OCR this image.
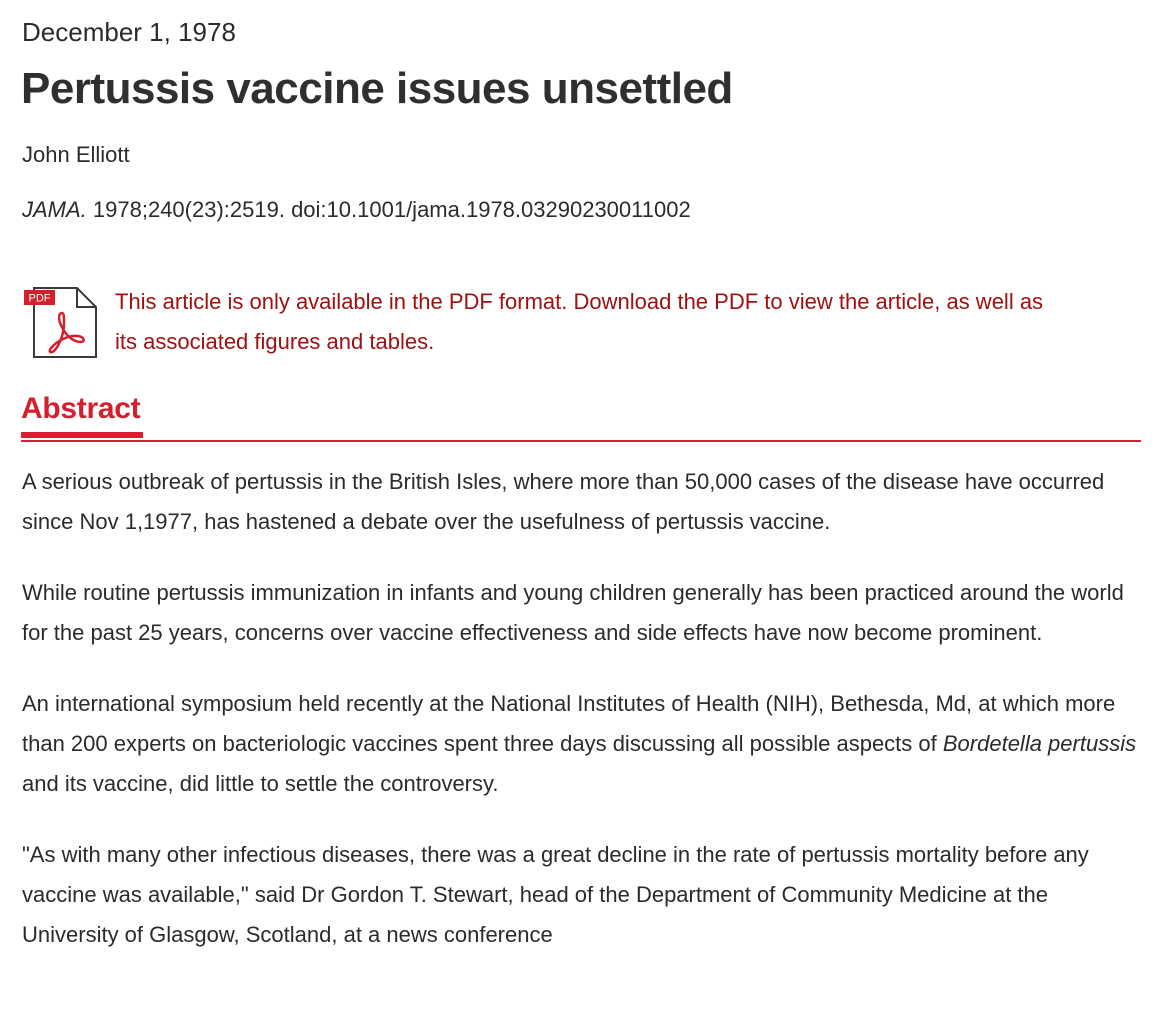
December 1, 1978
Pertussis vaccine issues unsettled
John Elliott
JAMA. 1978;240(23):2519. doi:10.1001/jama.1978.03290230011002
PDF	This article is only available in the PDF format. Download the PDF to view the article, as well as
its associated figures and tables.
Abstract

A serious outbreak of pertussis in the British Isles, where more than 50,000 cases of the disease have occurred since Nov 1,1977, has hastened a debate over the usefulness of pertussis vaccine.

While routine pertussis immunization in infants and young children generally has been practiced around the world for the past 25 years, concerns over vaccine effectiveness and side effects have now become prominent.

An international symposium held recently at the National Institutes of Health (NIH), Bethesda, Md, at which more than 200 experts on bacteriologic vaccines spent three days discussing all possible aspects of Bordetella pertussis and its vaccine, did little to settle the controversy.

"As with many other infectious diseases, there was a great decline in the rate of pertussis mortality before any vaccine was available," said Dr Gordon T. Stewart, head of the Department of Community Medicine at the University of Glasgow, Scotland, at a news conference
